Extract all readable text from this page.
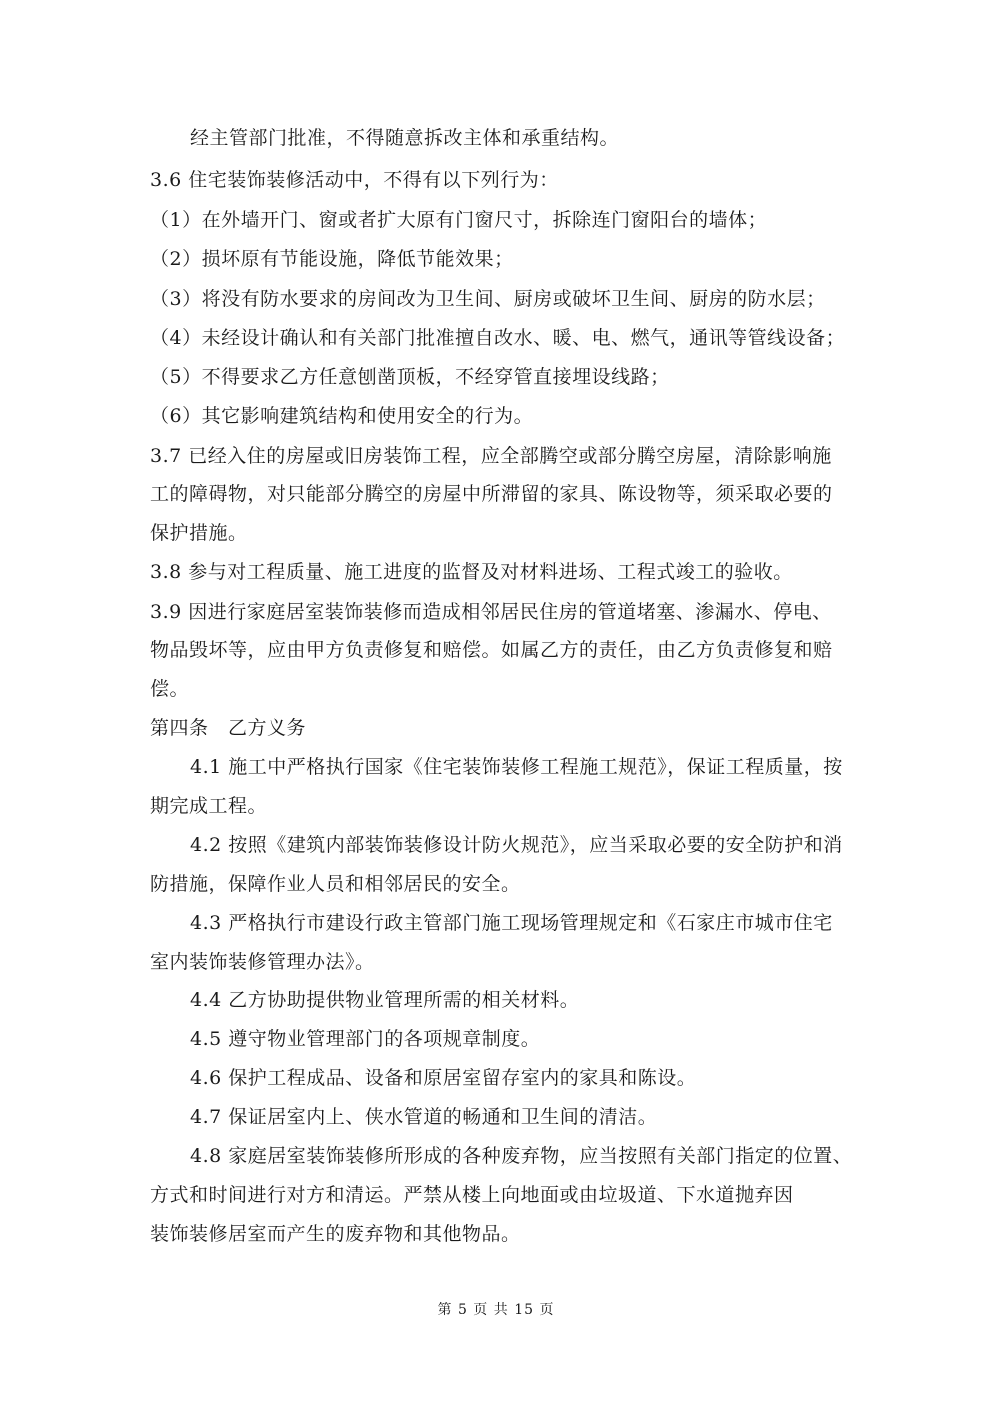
经主管部门批准，不得随意拆改主体和承重结构。
3.6 住宅装饰装修活动中，不得有以下列行为：
（1）在外墙开门、窗或者扩大原有门窗尺寸，拆除连门窗阳台的墙体；
（2）损坏原有节能设施，降低节能效果；
（3）将没有防水要求的房间改为卫生间、厨房或破坏卫生间、厨房的防水层；
（4）未经设计确认和有关部门批准擅自改水、暖、电、燃气，通讯等管线设备；
（5）不得要求乙方任意刨凿顶板，不经穿管直接埋设线路；
（6）其它影响建筑结构和使用安全的行为。
3.7 已经入住的房屋或旧房装饰工程，应全部腾空或部分腾空房屋，清除影响施
工的障碍物，对只能部分腾空的房屋中所滞留的家具、陈设物等，须采取必要的
保护措施。
3.8 参与对工程质量、施工进度的监督及对材料进场、工程式竣工的验收。
3.9 因进行家庭居室装饰装修而造成相邻居民住房的管道堵塞、渗漏水、停电、
物品毁坏等，应由甲方负责修复和赔偿。如属乙方的责任，由乙方负责修复和赔
偿。
第四条　乙方义务
4.1 施工中严格执行国家《住宅装饰装修工程施工规范》，保证工程质量，按
期完成工程。
4.2 按照《建筑内部装饰装修设计防火规范》，应当采取必要的安全防护和消
防措施，保障作业人员和相邻居民的安全。
4.3 严格执行市建设行政主管部门施工现场管理规定和《石家庄市城市住宅
室内装饰装修管理办法》。
4.4 乙方协助提供物业管理所需的相关材料。
4.5 遵守物业管理部门的各项规章制度。
4.6 保护工程成品、设备和原居室留存室内的家具和陈设。
4.7 保证居室内上、侠水管道的畅通和卫生间的清洁。
4.8 家庭居室装饰装修所形成的各种废弃物，应当按照有关部门指定的位置、
方式和时间进行对方和清运。严禁从楼上向地面或由垃圾道、下水道抛弃因
装饰装修居室而产生的废弃物和其他物品。
第 5 页 共 15 页
